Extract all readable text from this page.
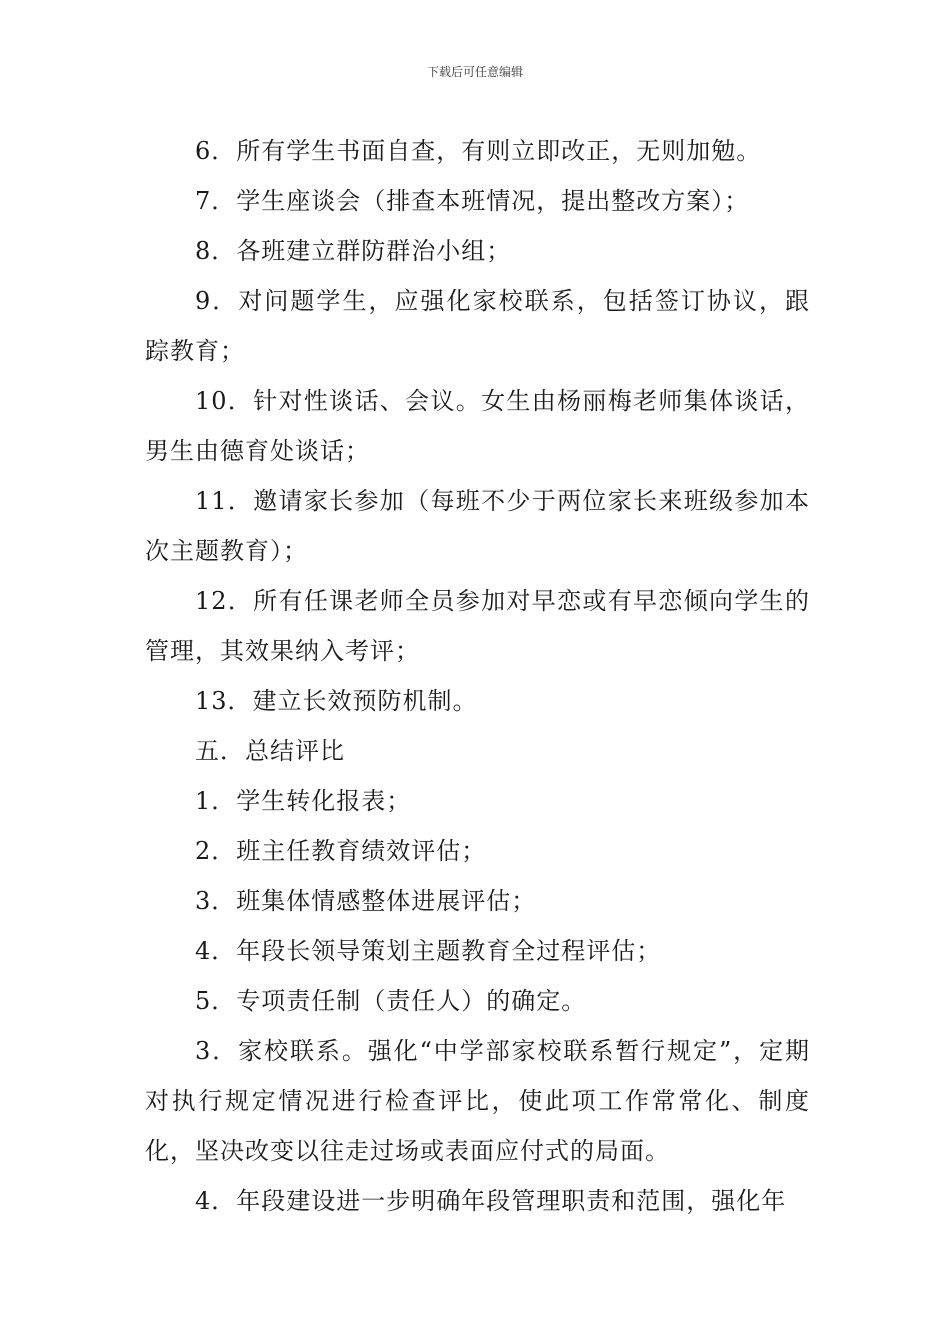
下载后可任意编辑

6．所有学生书面自查，有则立即改正，无则加勉。

7．学生座谈会（排查本班情况，提出整改方案）；

8．各班建立群防群治小组；

9．对问题学生，应强化家校联系，包括签订协议，跟踪教育；

10．针对性谈话、会议。女生由杨丽梅老师集体谈话，男生由德育处谈话；

11．邀请家长参加（每班不少于两位家长来班级参加本次主题教育）；

12．所有任课老师全员参加对早恋或有早恋倾向学生的管理，其效果纳入考评；

13．建立长效预防机制。

五．总结评比

1．学生转化报表；

2．班主任教育绩效评估；

3．班集体情感整体进展评估；

4．年段长领导策划主题教育全过程评估；

5．专项责任制（责任人）的确定。

3．家校联系。强化“中学部家校联系暂行规定”，定期对执行规定情况进行检查评比，使此项工作常常化、制度化，坚决改变以往走过场或表面应付式的局面。

4．年段建设进一步明确年段管理职责和范围，强化年
